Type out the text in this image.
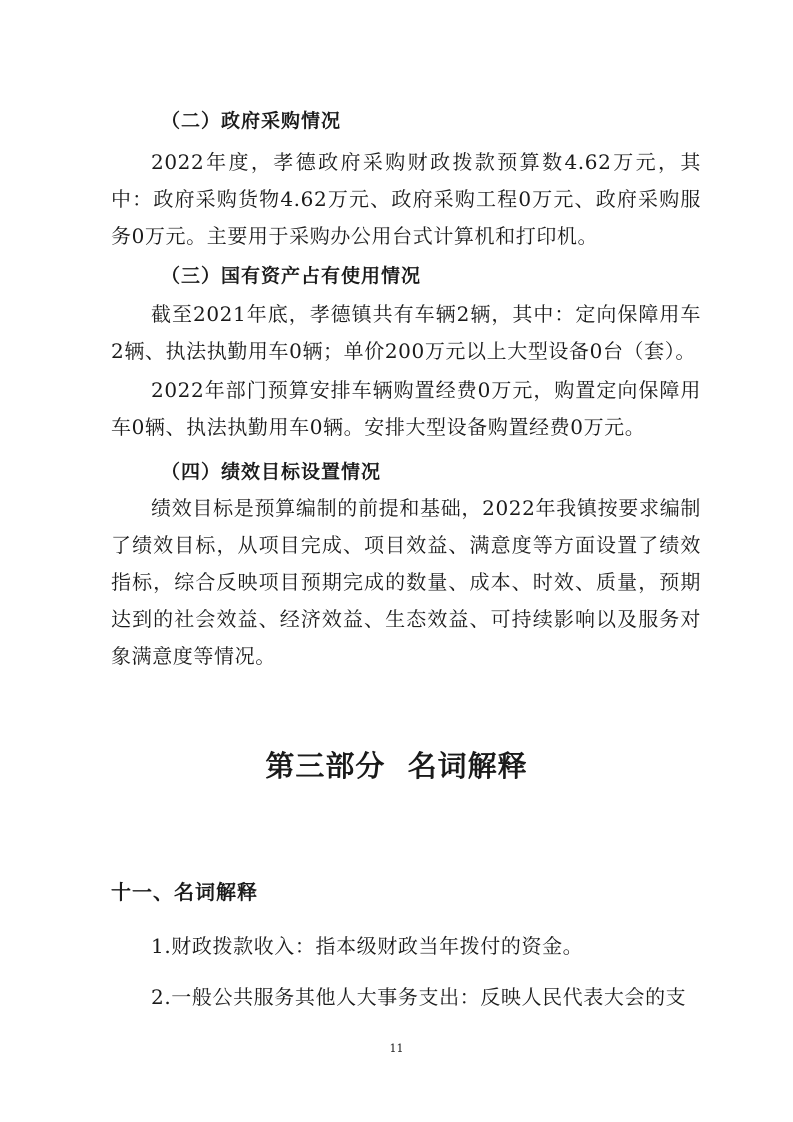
（二）政府采购情况
2022年度，孝德政府采购财政拨款预算数4.62万元，其中：政府采购货物4.62万元、政府采购工程0万元、政府采购服务0万元。主要用于采购办公用台式计算机和打印机。
（三）国有资产占有使用情况
截至2021年底，孝德镇共有车辆2辆，其中：定向保障用车2辆、执法执勤用车0辆；单价200万元以上大型设备0台（套）。
2022年部门预算安排车辆购置经费0万元，购置定向保障用车0辆、执法执勤用车0辆。安排大型设备购置经费0万元。
（四）绩效目标设置情况
绩效目标是预算编制的前提和基础，2022年我镇按要求编制了绩效目标，从项目完成、项目效益、满意度等方面设置了绩效指标，综合反映项目预期完成的数量、成本、时效、质量，预期达到的社会效益、经济效益、生态效益、可持续影响以及服务对象满意度等情况。
第三部分  名词解释
十一、名词解释
1.财政拨款收入：指本级财政当年拨付的资金。
2.一般公共服务其他人大事务支出：反映人民代表大会的支
11
